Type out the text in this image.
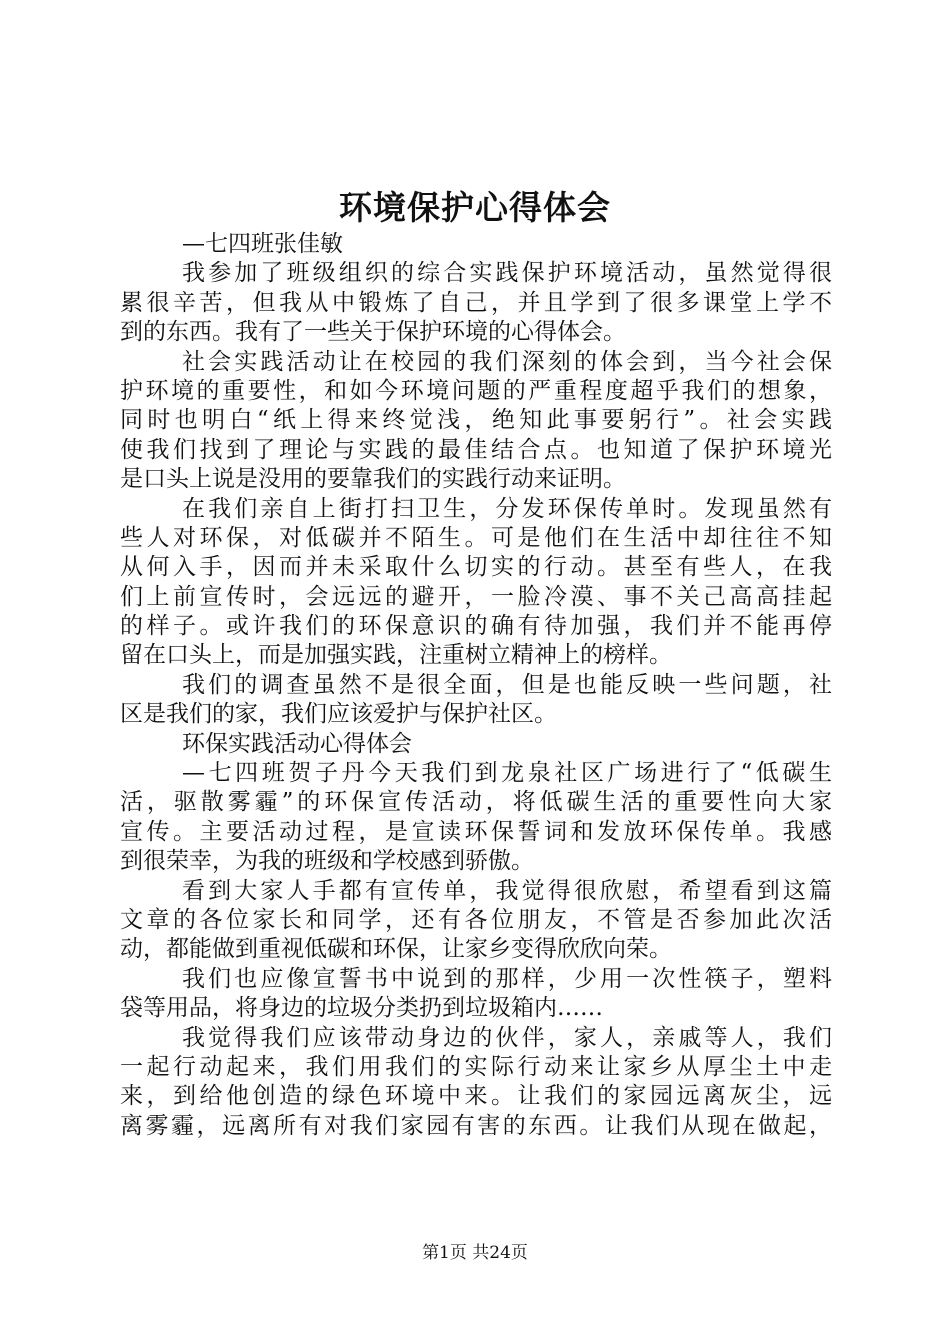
环境保护心得体会
—七四班张佳敏
我参加了班级组织的综合实践保护环境活动，虽然觉得很
累很辛苦，但我从中锻炼了自己，并且学到了很多课堂上学不
到的东西。我有了一些关于保护环境的心得体会。
社会实践活动让在校园的我们深刻的体会到，当今社会保
护环境的重要性，和如今环境问题的严重程度超乎我们的想象，
同时也明白“纸上得来终觉浅，绝知此事要躬行”。社会实践
使我们找到了理论与实践的最佳结合点。也知道了保护环境光
是口头上说是没用的要靠我们的实践行动来证明。
在我们亲自上街打扫卫生，分发环保传单时。发现虽然有
些人对环保，对低碳并不陌生。可是他们在生活中却往往不知
从何入手，因而并未采取什么切实的行动。甚至有些人，在我
们上前宣传时，会远远的避开，一脸冷漠、事不关己高高挂起
的样子。或许我们的环保意识的确有待加强，我们并不能再停
留在口头上，而是加强实践，注重树立精神上的榜样。
我们的调查虽然不是很全面，但是也能反映一些问题，社
区是我们的家，我们应该爱护与保护社区。
环保实践活动心得体会
—七四班贺子丹今天我们到龙泉社区广场进行了“低碳生
活，驱散雾霾”的环保宣传活动，将低碳生活的重要性向大家
宣传。主要活动过程，是宣读环保誓词和发放环保传单。我感
到很荣幸，为我的班级和学校感到骄傲。
看到大家人手都有宣传单，我觉得很欣慰，希望看到这篇
文章的各位家长和同学，还有各位朋友，不管是否参加此次活
动，都能做到重视低碳和环保，让家乡变得欣欣向荣。
我们也应像宣誓书中说到的那样，少用一次性筷子，塑料
袋等用品，将身边的垃圾分类扔到垃圾箱内……
我觉得我们应该带动身边的伙伴，家人，亲戚等人，我们
一起行动起来，我们用我们的实际行动来让家乡从厚尘土中走
来，到给他创造的绿色环境中来。让我们的家园远离灰尘，远
离雾霾，远离所有对我们家园有害的东西。让我们从现在做起，
第1页 共24页
